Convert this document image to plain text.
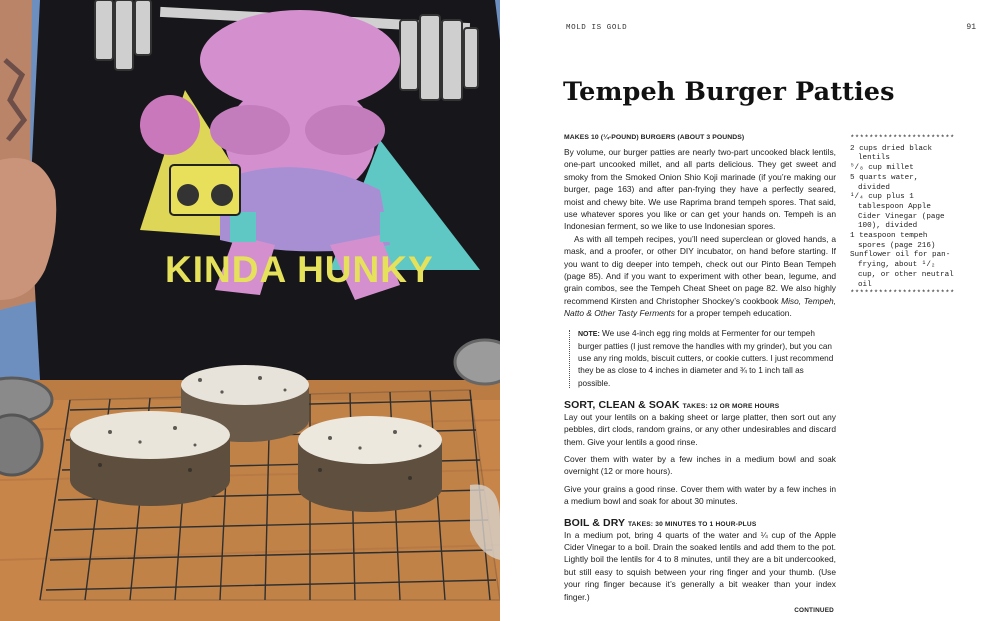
KINDA HUNKY
MOLD IS GOLD	91
Tempeh Burger Patties
MAKES 10 (¼-POUND) BURGERS (ABOUT 3 POUNDS)

By volume, our burger patties are nearly two-part uncooked black lentils, one-part uncooked millet, and all parts delicious. They get sweet and smoky from the Smoked Onion Shio Koji marinade (if you’re making our burger, page 163) and after pan-frying they have a perfectly seared, moist and chewy bite. We use Raprima brand tempeh spores. That said, use whatever spores you like or can get your hands on. Tempeh is an Indonesian ferment, so we like to use Indonesian spores.

As with all tempeh recipes, you’ll need superclean or gloved hands, a mask, and a proofer, or other DIY incubator, on hand before starting. If you want to dig deeper into tempeh, check out our Pinto Bean Tempeh (page 85). And if you want to experiment with other bean, legume, and grain combos, see the Tempeh Cheat Sheet on page 82. We also highly recommend Kirsten and Christopher Shockey’s cookbook Miso, Tempeh, Natto & Other Tasty Ferments for a proper tempeh education.

NOTE: We use 4-inch egg ring molds at Fermenter for our tempeh burger patties (I just remove the handles with my grinder), but you can use any ring molds, biscuit cutters, or cookie cutters. I just recommend they be as close to 4 inches in diameter and ¾ to 1 inch tall as possible.
SORT, CLEAN & SOAK TAKES: 12 OR MORE HOURS

Lay out your lentils on a baking sheet or large platter, then sort out any pebbles, dirt clods, random grains, or any other undesirables and discard them. Give your lentils a good rinse.

Cover them with water by a few inches in a medium bowl and soak overnight (12 or more hours).

Give your grains a good rinse. Cover them with water by a few inches in a medium bowl and soak for about 30 minutes.

BOIL & DRY TAKES: 30 MINUTES TO 1 HOUR-PLUS

In a medium pot, bring 4 quarts of the water and ¼ cup of the Apple Cider Vinegar to a boil. Drain the soaked lentils and add them to the pot. Lightly boil the lentils for 4 to 8 minutes, until they are a bit undercooked, but still easy to squish between your ring finger and your thumb. (Use your ring finger because it’s generally a bit weaker than your index finger.)

CONTINUED
**********************
2 cups dried black lentils
⁵/₈ cup millet
5 quarts water, divided
¹/₄ cup plus 1 tablespoon Apple Cider Vinegar (page 100), divided
1 teaspoon tempeh spores (page 216)
Sunflower oil for pan-frying, about ¹/₂ cup, or other neutral oil
**********************
